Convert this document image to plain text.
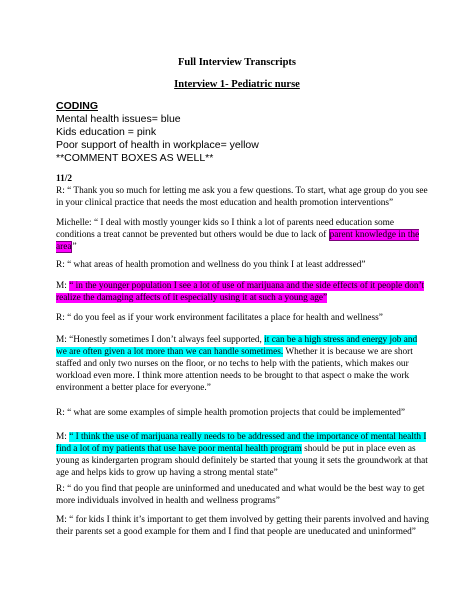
Full Interview Transcripts
Interview 1- Pediatric nurse
CODING
Mental health issues= blue
Kids education = pink
Poor support of health in workplace= yellow
**COMMENT BOXES AS WELL**
11/2
R: “ Thank you so much for letting me ask you a few questions. To start, what age group do you see in your clinical practice that needs the most education and health promotion interventions”
Michelle: “ I deal with mostly younger kids so I think a lot of parents need education some conditions a treat cannot be prevented but others would be due to lack of parent knowledge in the area”
R: “ what areas of health promotion and wellness do you think I at least addressed”
M: “ in the younger population I see a lot of use of marijuana and the side effects of it people don’t realize the damaging affects of it especially using it at such a young age”
R: “ do you feel as if your work environment facilitates a place for health and wellness”
M: “Honestly sometimes I don’t always feel supported, it can be a high stress and energy job and we are often given a lot more than we can handle sometimes. Whether it is because we are short staffed and only two nurses on the floor, or no techs to help with the patients, which makes our workload even more. I think more attention needs to be brought to that aspect o make the work environment a better place for everyone.”
R: “ what are some examples of simple health promotion projects that could be implemented”
M: “ I think the use of marijuana really needs to be addressed and the importance of mental health I find a lot of my patients that use have poor mental health program should be put in place even as young as kindergarten program should definitely be started that young it sets the groundwork at that age and helps kids to grow up having a strong mental state”
R: “ do you find that people are uninformed and uneducated and what would be the best way to get more individuals involved in health and wellness programs”
M: “ for kids I think it’s important to get them involved by getting their parents involved and having their parents set a good example for them and I find that people are uneducated and uninformed”
